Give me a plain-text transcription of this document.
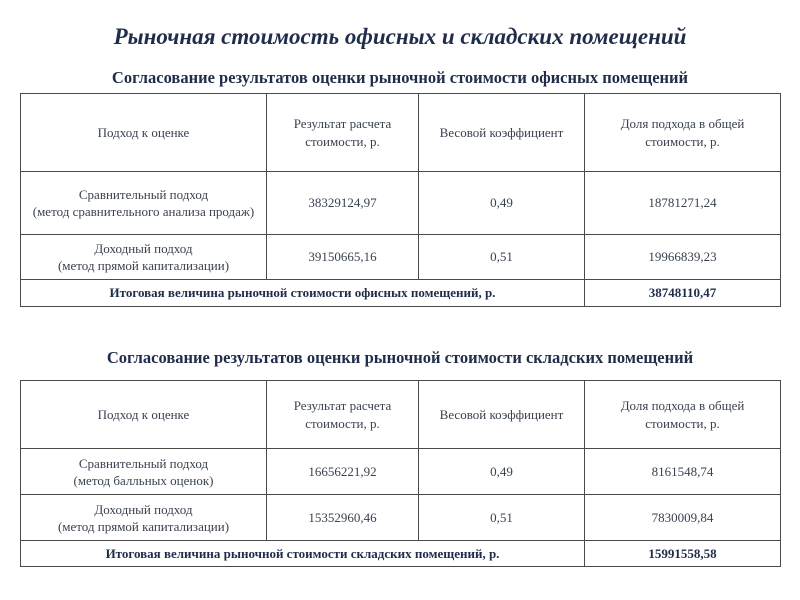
Рыночная стоимость офисных и складских помещений
Согласование результатов оценки рыночной стоимости офисных помещений
Подход к оценке	Результат расчета стоимости, р.	Весовой коэффициент	Доля подхода в общей стоимости, р.

Сравнительный подход
(метод сравнительного анализа продаж)	38329124,97	0,49	18781271,24

Доходный подход
(метод прямой капитализации)	39150665,16	0,51	19966839,23
Итоговая величина рыночной стоимости офисных помещений, р.			38748110,47
Согласование результатов оценки рыночной стоимости складских помещений
Подход к оценке	Результат расчета стоимости, р.	Весовой коэффициент	Доля подхода в общей стоимости, р.

Сравнительный подход
(метод балльных оценок)	16656221,92	0,49	8161548,74

Доходный подход
(метод прямой капитализации)	15352960,46	0,51	7830009,84
Итоговая величина рыночной стоимости складских помещений, р.			15991558,58
